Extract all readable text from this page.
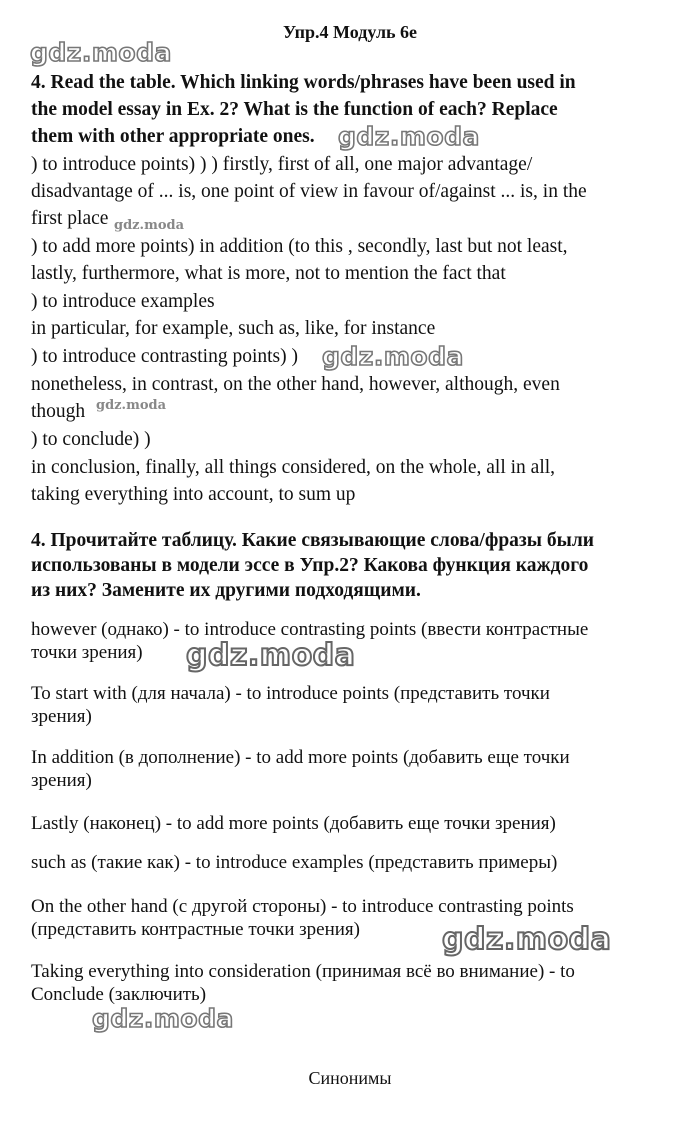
Упр.4 Модуль 6e
4. Read the table. Which linking words/phrases have been used in
the model essay in Ex. 2? What is the function of each? Replace
them with other appropriate ones.
) to introduce points) ) ) firstly, first of all, one major advantage/
disadvantage of ... is, one point of view in favour of/against ... is, in the
first place
) to add more points) in addition (to this , secondly, last but not least,
lastly, furthermore, what is more, not to mention the fact that
) to introduce examples
in particular, for example, such as, like, for instance
) to introduce contrasting points) )
nonetheless, in contrast, on the other hand, however, although, even
though
) to conclude) )
in conclusion, finally, all things considered, on the whole, all in all,
taking everything into account, to sum up
4. Прочитайте таблицу. Какие связывающие слова/фразы были
использованы в модели эссе в Упр.2? Какова функция каждого
из них? Замените их другими подходящими.
however (однако) - to introduce contrasting points (ввести контрастные
точки зрения)
To start with (для начала) - to introduce points (представить точки
зрения)
In addition (в дополнение) - to add more points (добавить еще точки
зрения)
Lastly (наконец) - to add more points (добавить еще точки зрения)
such as (такие как) - to introduce examples (представить примеры)
On the other hand (с другой стороны) - to introduce contrasting points
(представить контрастные точки зрения)
Taking everything into consideration (принимая всё во внимание) - to
Conclude (заключить)
Синонимы
gdz.moda
gdz.moda
gdz.moda
gdz.moda
gdz.moda
gdz.moda
gdz.moda
gdz.moda
